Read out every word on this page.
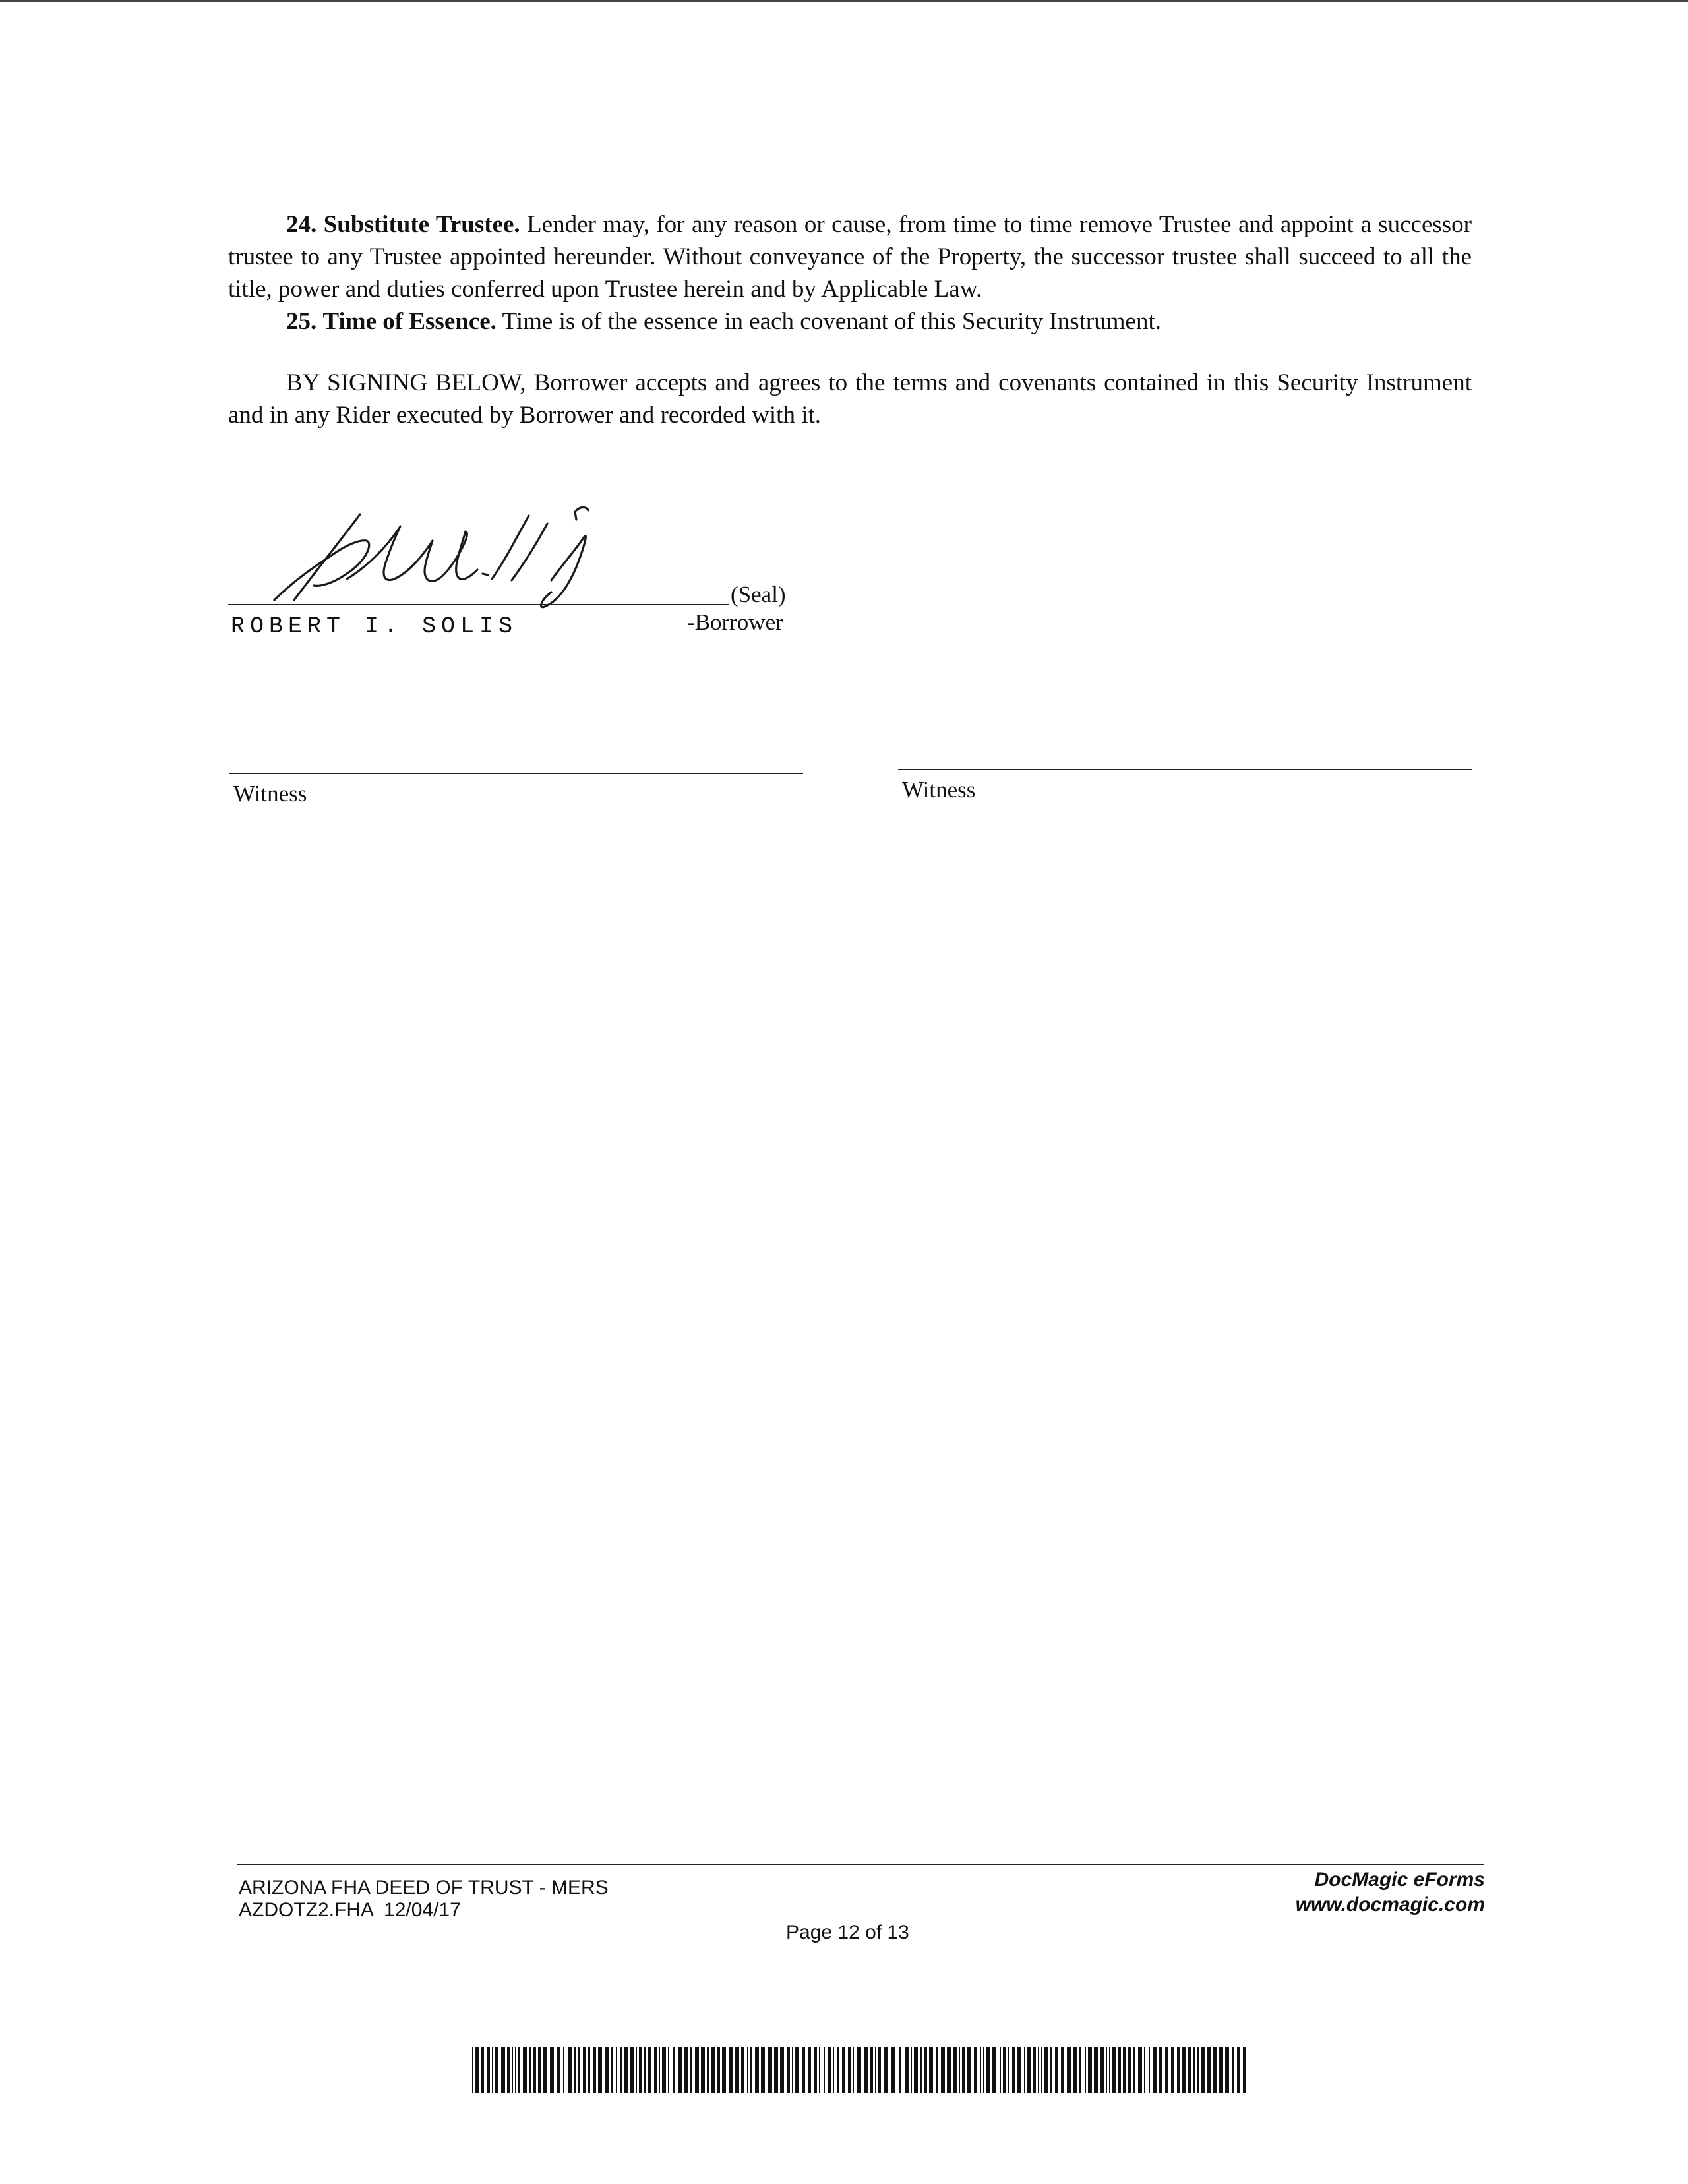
24. Substitute Trustee. Lender may, for any reason or cause, from time to time remove Trustee and appoint a successor trustee to any Trustee appointed hereunder. Without conveyance of the Property, the successor trustee shall succeed to all the title, power and duties conferred upon Trustee herein and by Applicable Law.

25. Time of Essence. Time is of the essence in each covenant of this Security Instrument.

BY SIGNING BELOW, Borrower accepts and agrees to the terms and covenants contained in this Security Instrument and in any Rider executed by Borrower and recorded with it.

(Seal)
ROBERT I. SOLIS	-Borrower
Witness	Witness
ARIZONA FHA DEED OF TRUST - MERS
AZDOTZ2.FHA  12/04/17
DocMagic eForms
www.docmagic.com
Page 12 of 13
